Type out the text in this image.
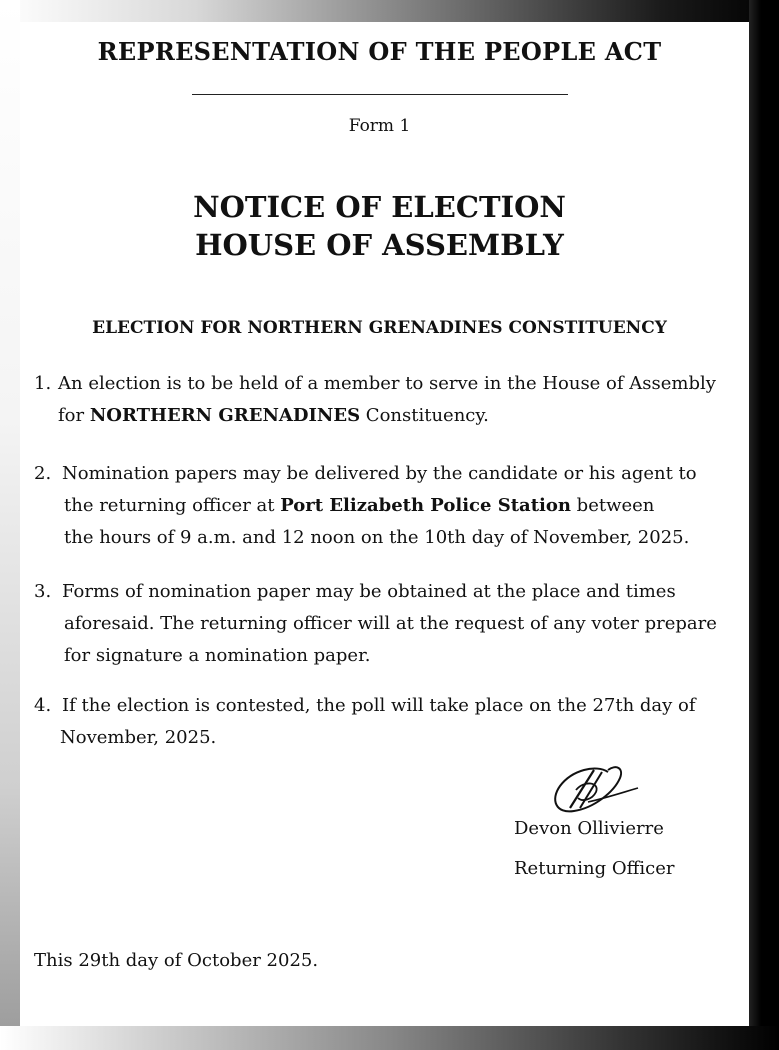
REPRESENTATION OF THE PEOPLE ACT
Form 1
NOTICE OF ELECTION
HOUSE OF ASSEMBLY
ELECTION FOR NORTHERN GRENADINES CONSTITUENCY
1. An election is to be held of a member to serve in the House of Assembly
for NORTHERN GRENADINES Constituency.
2. Nomination papers may be delivered by the candidate or his agent to
the returning officer at Port Elizabeth Police Station between
the hours of 9 a.m. and 12 noon on the 10th day of November, 2025.
3. Forms of nomination paper may be obtained at the place and times
aforesaid. The returning officer will at the request of any voter prepare
for signature a nomination paper.
4. If the election is contested, the poll will take place on the 27th day of
November, 2025.
Devon Ollivierre
Returning Officer
This 29th day of October 2025.
